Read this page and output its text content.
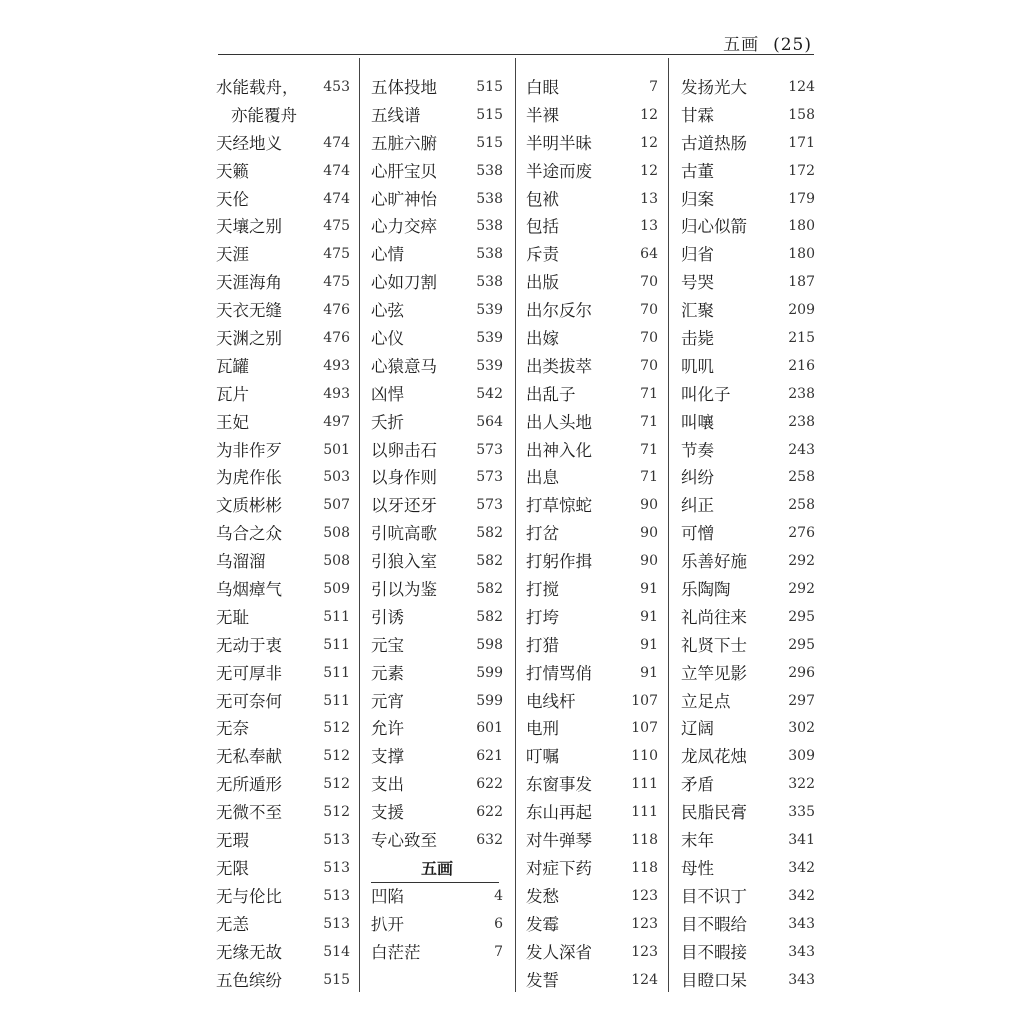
五画 (25)
水能载舟， 453
亦能覆舟
天经地义	474
天籁	474
天伦	474
天壤之别	475
天涯	475
天涯海角	475
天衣无缝	476
天渊之别	476
瓦罐	493
瓦片	493
王妃	497
为非作歹	501
为虎作伥	503
文质彬彬	507
乌合之众	508
乌溜溜	508
乌烟瘴气	509
无耻	511
无动于衷	511
无可厚非	511
无可奈何	511
无奈	512
无私奉献	512
无所遁形	512
无微不至	512
无瑕	513
无限	513
无与伦比	513
无恙	513
无缘无故	514
五色缤纷	515
五体投地	515
五线谱	515
五脏六腑	515
心肝宝贝	538
心旷神怡	538
心力交瘁	538
心情	538
心如刀割	538
心弦	539
心仪	539
心猿意马	539
凶悍	542
夭折	564
以卵击石	573
以身作则	573
以牙还牙	573
引吭高歌	582
引狼入室	582
引以为鉴	582
引诱	582
元宝	598
元素	599
元宵	599
允许	601
支撑	621
支出	622
支援	622
专心致至	632
五画
凹陷	4
扒开	6
白茫茫	7
白眼	7
半裸	12
半明半昧	12
半途而废	12
包袱	13
包括	13
斥责	64
出版	70
出尔反尔	70
出嫁	70
出类拔萃	70
出乱子	71
出人头地	71
出神入化	71
出息	71
打草惊蛇	90
打岔	90
打躬作揖	90
打搅	91
打垮	91
打猎	91
打情骂俏	91
电线杆	107
电刑	107
叮嘱	110
东窗事发	111
东山再起	111
对牛弹琴	118
对症下药	118
发愁	123
发霉	123
发人深省	123
发誓	124
发扬光大	124
甘霖	158
古道热肠	171
古董	172
归案	179
归心似箭	180
归省	180
号哭	187
汇聚	209
击毙	215
叽叽	216
叫化子	238
叫嚷	238
节奏	243
纠纷	258
纠正	258
可憎	276
乐善好施	292
乐陶陶	292
礼尚往来	295
礼贤下士	295
立竿见影	296
立足点	297
辽阔	302
龙凤花烛	309
矛盾	322
民脂民膏	335
末年	341
母性	342
目不识丁	342
目不暇给	343
目不暇接	343
目瞪口呆	343
